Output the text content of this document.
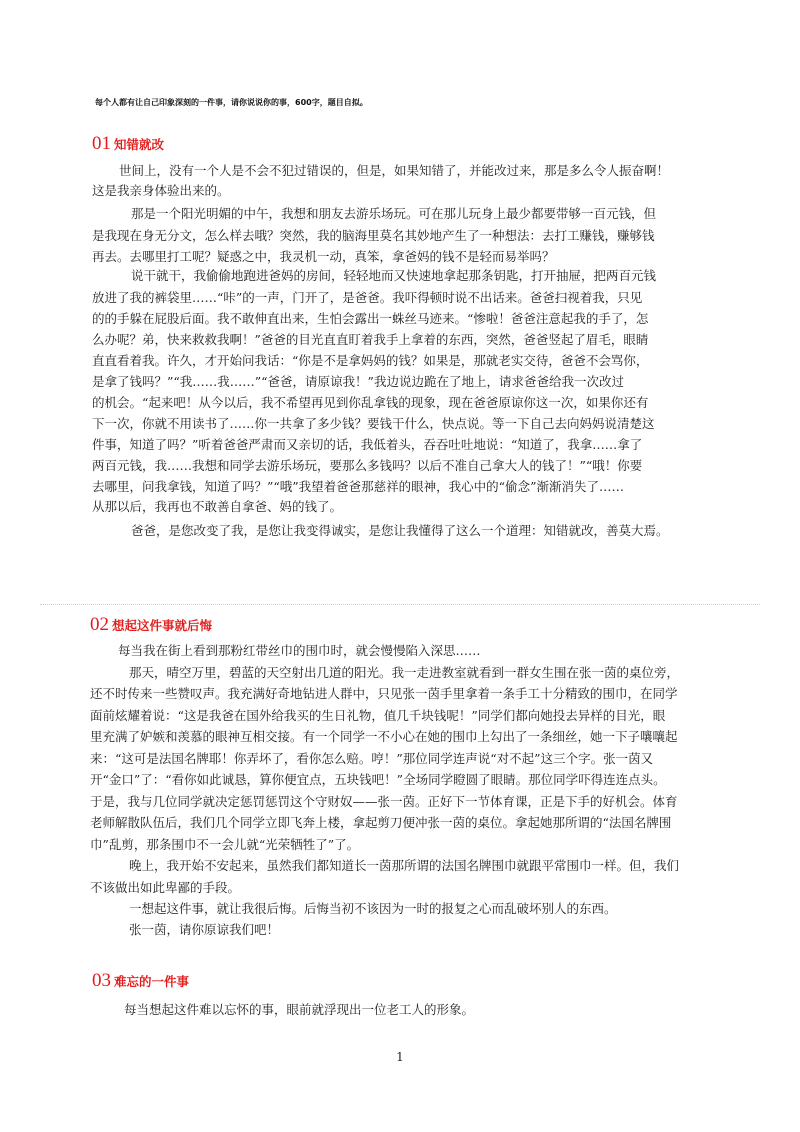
每个人都有让自己印象深刻的一件事，请你说说你的事，600字，题目自拟。
01 知错就改
世间上，没有一个人是不会不犯过错误的，但是，如果知错了，并能改过来，那是多么令人振奋啊！
这是我亲身体验出来的。
那是一个阳光明媚的中午，我想和朋友去游乐场玩。可在那儿玩身上最少都要带够一百元钱，但
是我现在身无分文，怎么样去哦？突然，我的脑海里莫名其妙地产生了一种想法：去打工赚钱，赚够钱
再去。去哪里打工呢？疑惑之中，我灵机一动，真笨，拿爸妈的钱不是轻而易举吗？
说干就干，我偷偷地跑进爸妈的房间，轻轻地而又快速地拿起那条钥匙，打开抽屉，把两百元钱
放进了我的裤袋里……“咔”的一声，门开了，是爸爸。我吓得顿时说不出话来。爸爸扫视着我，只见
的的手躲在屁股后面。我不敢伸直出来，生怕会露出一蛛丝马迹来。“惨啦！爸爸注意起我的手了，怎
么办呢？弟，快来救救我啊！”爸爸的目光直直盯着我手上拿着的东西，突然，爸爸竖起了眉毛，眼睛
直直看着我。许久，才开始问我话：“你是不是拿妈妈的钱？如果是，那就老实交待，爸爸不会骂你，
是拿了钱吗？”“我……我……”“爸爸，请原谅我！”我边说边跪在了地上，请求爸爸给我一次改过
的机会。“起来吧！从今以后，我不希望再见到你乱拿钱的现象，现在爸爸原谅你这一次，如果你还有
下一次，你就不用读书了……你一共拿了多少钱？要钱干什么，快点说。等一下自己去向妈妈说清楚这
件事，知道了吗？”听着爸爸严肃而又亲切的话，我低着头，吞吞吐吐地说：“知道了，我拿……拿了
两百元钱，我……我想和同学去游乐场玩，要那么多钱吗？以后不准自己拿大人的钱了！”“哦！你要
去哪里，问我拿钱，知道了吗？”“哦”我望着爸爸那慈祥的眼神，我心中的“偷念”渐渐消失了……
从那以后，我再也不敢善自拿爸、妈的钱了。
爸爸，是您改变了我，是您让我变得诚实，是您让我懂得了这么一个道理：知错就改，善莫大焉。
02 想起这件事就后悔
每当我在街上看到那粉红带丝巾的围巾时，就会慢慢陷入深思……
那天，晴空万里，碧蓝的天空射出几道的阳光。我一走进教室就看到一群女生围在张一茵的桌位旁，
还不时传来一些赞叹声。我充满好奇地钻进人群中，只见张一茵手里拿着一条手工十分精致的围巾，在同学
面前炫耀着说：“这是我爸在国外给我买的生日礼物，值几千块钱呢！”同学们都向她投去异样的目光，眼
里充满了妒嫉和羡慕的眼神互相交接。有一个同学一不小心在她的围巾上勾出了一条细丝，她一下子嚷嚷起
来：“这可是法国名牌耶！你弄坏了，看你怎么赔。哼！”那位同学连声说“对不起”这三个字。张一茵又
开“金口”了：“看你如此诚恳，算你便宜点，五块钱吧！”全场同学瞪圆了眼睛。那位同学吓得连连点头。
于是，我与几位同学就决定惩罚惩罚这个守财奴——张一茵。正好下一节体育课，正是下手的好机会。体育
老师解散队伍后，我们几个同学立即飞奔上楼，拿起剪刀便冲张一茵的桌位。拿起她那所谓的“法国名牌围
巾”乱剪，那条围巾不一会儿就“光荣牺牲了”了。
晚上，我开始不安起来，虽然我们都知道长一茵那所谓的法国名牌围巾就跟平常围巾一样。但，我们
不该做出如此卑鄙的手段。
一想起这件事，就让我很后悔。后悔当初不该因为一时的报复之心而乱破坏别人的东西。
张一茵，请你原谅我们吧！
03 难忘的一件事
每当想起这件难以忘怀的事，眼前就浮现出一位老工人的形象。
1
